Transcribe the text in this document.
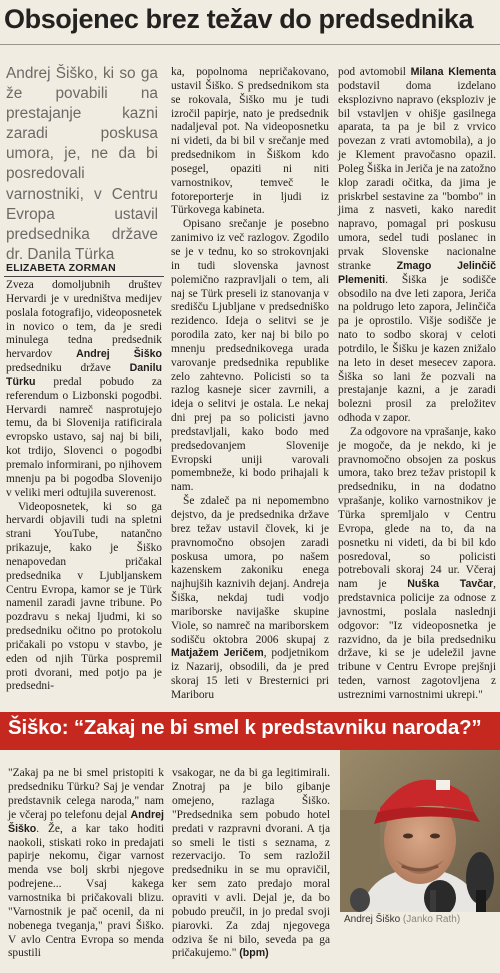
Obsojenec brez težav do predsednika
Andrej Šiško, ki so ga že povabili na prestajanje kazni zaradi poskusa umora, je, ne da bi posredovali varnostniki, v Centru Evropa ustavil predsednika države dr. Danila Türka
ELIZABETA ZORMAN

Zveza domoljubnih društev Hervardi je v uredništva medijev poslala fotografijo, videoposnetek in novico o tem, da je sredi minulega tedna predsednik hervardov Andrej Šiško predsedniku države Danilu Türku predal pobudo za referendum o Lizbonski pogodbi. Hervardi namreč nasprotujejo temu, da bi Slovenija ratificirala evropsko ustavo, saj naj bi bili, kot trdijo, Slovenci o pogodbi premalo informirani, po njihovem mnenju pa bi pogodba Slovenijo v veliki meri odtujila suverenost.

Videoposnetek, ki so ga hervardi objavili tudi na spletni strani YouTube, natančno prikazuje, kako je Šiško nenapovedan pričakal predsednika v Ljubljanskem Centru Evropa, kamor se je Türk namenil zaradi javne tribune. Po pozdravu s nekaj ljudmi, ki so predsedniku očitno po protokolu pričakali po vstopu v stavbo, je eden od njih Türka pospremil proti dvorani, med potjo pa je predsedni-

ka, popolnoma nepričakovano, ustavil Šiško. S predsednikom sta se rokovala, Šiško mu je tudi izročil papirje, nato je predsednik nadaljeval pot. Na videoposnetku ni videti, da bi bil v srečanje med predsednikom in Šiškom kdo posegel, opaziti ni niti varnostnikov, temveč le fotoreporterje in ljudi iz Türkovega kabineta.

Opisano srečanje je posebno zanimivo iz več razlogov. Zgodilo se je v tednu, ko so strokovnjaki in tudi slovenska javnost polemično razpravljali o tem, ali naj se Türk preseli iz stanovanja v središču Ljubljane v predsedniško rezidenco. Ideja o selitvi se je porodila zato, ker naj bi bilo po mnenju predsednikovega urada varovanje predsednika republike zelo zahtevno. Policisti so ta razlog kasneje sicer zavrnili, a ideja o selitvi je ostala. Le nekaj dni prej pa so policisti javno predstavljali, kako bodo med predsedovanjem Slovenije Evropski uniji varovali pomembneže, ki bodo prihajali k nam.

Še zdaleč pa ni nepomembno dejstvo, da je predsednika države brez težav ustavil človek, ki je pravnomočno obsojen zaradi poskusa umora, po našem kazenskem zakoniku enega najhujših kaznivih dejanj. Andreja Šiška, nekdaj tudi vodjo mariborske navijaške skupine Viole, so namreč na mariborskem sodišču oktobra 2006 skupaj z Matjažem Jeričem, podjetnikom iz Nazarij, obsodili, da je pred skoraj 15 leti v Bresternici pri Mariboru

pod avtomobil Milana Klementa podstavil doma izdelano eksplozivno napravo (eksploziv je bil vstavljen v ohišje gasilnega aparata, ta pa je bil z vrvico povezan z vrati avtomobila), a jo je Klement pravočasno opazil. Poleg Šiška in Jeriča je na zatožno klop zaradi očitka, da jima je priskrbel sestavine za "bombo" in jima z nasveti, kako naredit napravo, pomagal pri poskusu umora, sedel tudi poslanec in prvak Slovenske nacionalne stranke Zmago Jelinčič Plemeniti. Šiška je sodišče obsodilo na dve leti zapora, Jeriča na poldrugo leto zapora, Jelinčiča pa je oprostilo. Višje sodišče je nato to sodbo skoraj v celoti potrdilo, le Šišku je kazen znižalo na leto in deset mesecev zapora. Šiška so lani že pozvali na prestajanje kazni, a je zaradi bolezni prosil za preložitev odhoda v zapor.

Za odgovore na vprašanje, kako je mogoče, da je nekdo, ki je pravnomočno obsojen za poskus umora, tako brez težav pristopil k predsedniku, in na dodatno vprašanje, koliko varnostnikov je Türka spremljalo v Centru Evropa, glede na to, da na posnetku ni videti, da bi bil kdo posredoval, so policisti potrebovali skoraj 24 ur. Včeraj nam je Nuška Tavčar, predstavnica policije za odnose z javnostmi, poslala naslednji odgovor: "Iz videoposnetka je razvidno, da je bila predsedniku države, ki se je udeležil javne tribune v Centru Evrope prejšnji teden, varnost zagotovljena z ustreznimi varnostnimi ukrepi."

Šiško: “Zakaj ne bi smel k predstavniku naroda?”

"Zakaj pa ne bi smel pristopiti k predsedniku Türku? Saj je vendar predstavnik celega naroda," nam je včeraj po telefonu dejal Andrej Šiško. Že, a kar tako hoditi naokoli, stiskati roko in predajati papirje nekomu, čigar varnost menda vse bolj skrbi njegove podrejene... Vsaj kakega varnostnika bi pričakovali blizu. "Varnostnik je pač ocenil, da ni nobenega tveganja," pravi Šiško. V avlo Centra Evropa so menda spustili

vsakogar, ne da bi ga legitimirali. Znotraj pa je bilo gibanje omejeno, razlaga Šiško. "Predsednika sem pobudo hotel predati v razpravni dvorani. A tja so smeli le tisti s seznama, z rezervacijo. To sem razložil predsedniku in se mu opravičil, ker sem zato predajo moral opraviti v avli. Dejal je, da bo pobudo preučil, in jo predal svoji piarovki. Za zdaj njegovega odziva še ni bilo, seveda pa ga pričakujemo." (bpm)

Andrej Šiško (Janko Rath)
